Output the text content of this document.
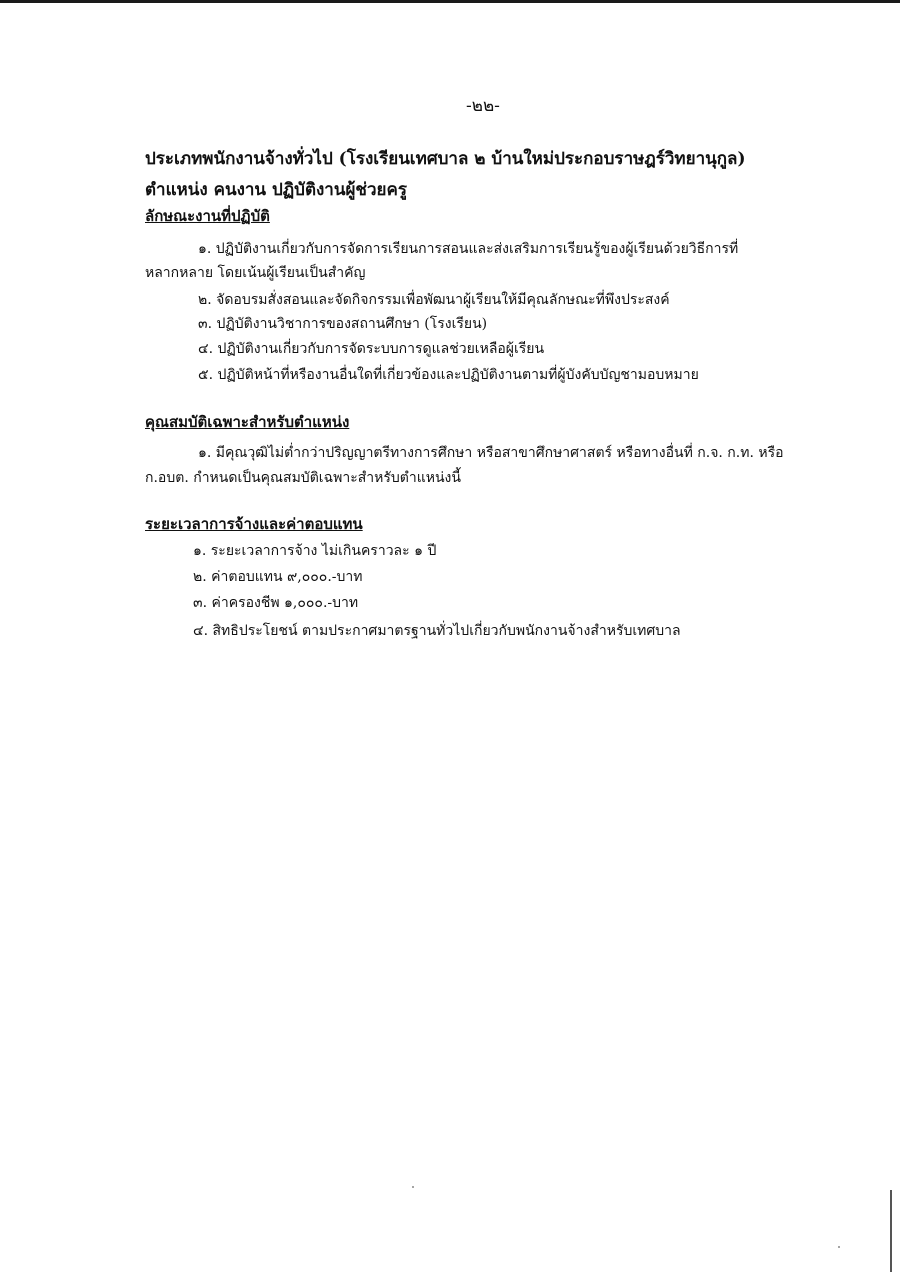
-๒๒-
ประเภทพนักงานจ้างทั่วไป (โรงเรียนเทศบาล ๒ บ้านใหม่ประกอบราษฎร์วิทยานุกูล)
ตำแหน่ง คนงาน ปฏิบัติงานผู้ช่วยครู
ลักษณะงานที่ปฏิบัติ
๑. ปฏิบัติงานเกี่ยวกับการจัดการเรียนการสอนและส่งเสริมการเรียนรู้ของผู้เรียนด้วยวิธีการที่
หลากหลาย โดยเน้นผู้เรียนเป็นสำคัญ
๒. จัดอบรมสั่งสอนและจัดกิจกรรมเพื่อพัฒนาผู้เรียนให้มีคุณลักษณะที่พึงประสงค์
๓. ปฏิบัติงานวิชาการของสถานศึกษา (โรงเรียน)
๔. ปฏิบัติงานเกี่ยวกับการจัดระบบการดูแลช่วยเหลือผู้เรียน
๕. ปฏิบัติหน้าที่หรืองานอื่นใดที่เกี่ยวข้องและปฏิบัติงานตามที่ผู้บังคับบัญชามอบหมาย
คุณสมบัติเฉพาะสำหรับตำแหน่ง
๑. มีคุณวุฒิไม่ต่ำกว่าปริญญาตรีทางการศึกษา หรือสาขาศึกษาศาสตร์ หรือทางอื่นที่ ก.จ. ก.ท. หรือ
ก.อบต. กำหนดเป็นคุณสมบัติเฉพาะสำหรับตำแหน่งนี้
ระยะเวลาการจ้างและค่าตอบแทน
๑. ระยะเวลาการจ้าง ไม่เกินคราวละ ๑ ปี
๒. ค่าตอบแทน ๙,๐๐๐.-บาท
๓. ค่าครองชีพ ๑,๐๐๐.-บาท
๔. สิทธิประโยชน์ ตามประกาศมาตรฐานทั่วไปเกี่ยวกับพนักงานจ้างสำหรับเทศบาล
